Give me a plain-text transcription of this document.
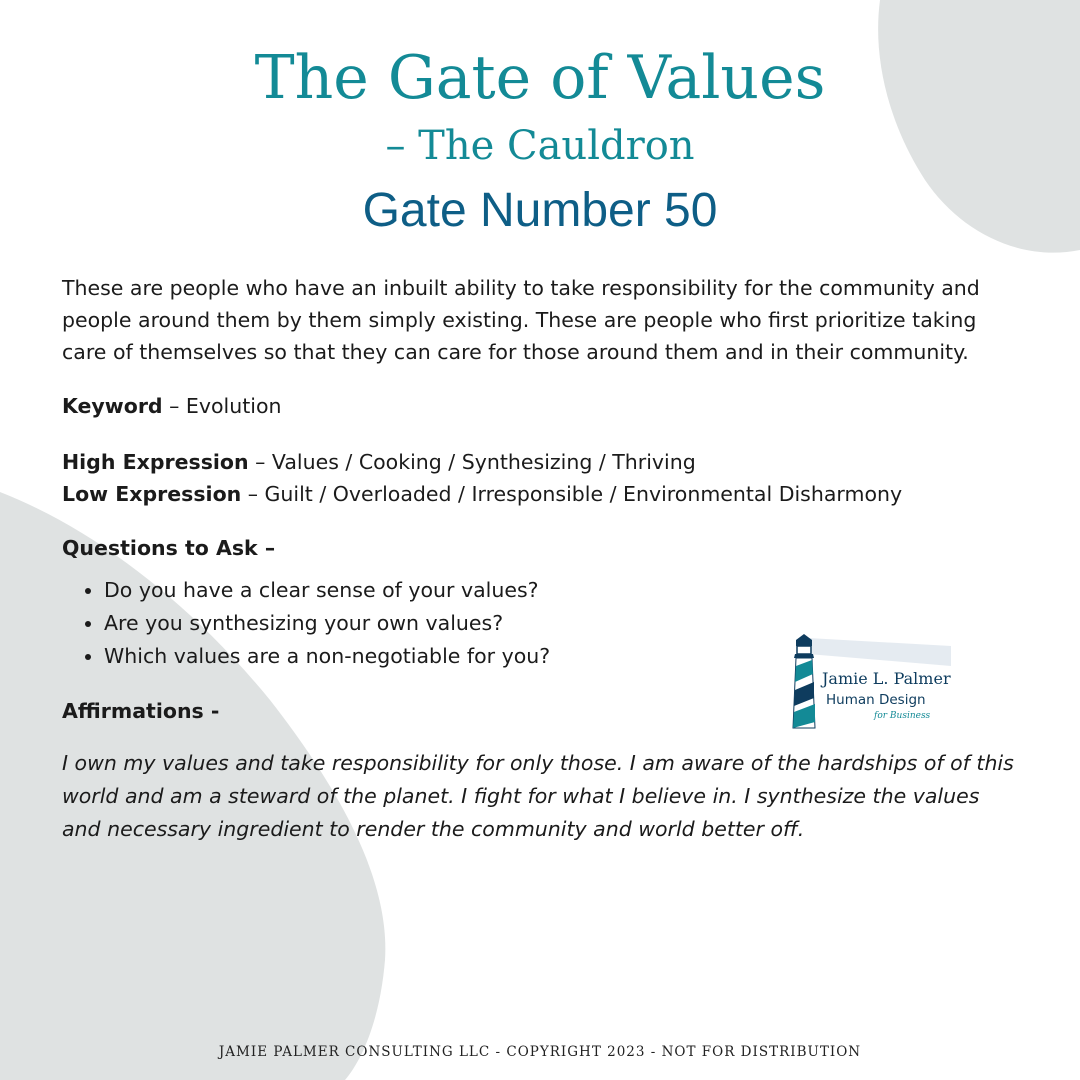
The Gate of Values
– The Cauldron
Gate Number 50

These are people who have an inbuilt ability to take responsibility for the community and people around them by them simply existing. These are people who first prioritize taking care of themselves so that they can care for those around them and in their community.

Keyword – Evolution

High Expression – Values / Cooking / Synthesizing / Thriving

Low Expression – Guilt / Overloaded / Irresponsible / Environmental Disharmony

Questions to Ask –

• Do you have a clear sense of your values?
• Are you synthesizing your own values?
• Which values are a non-negotiable for you?

Affirmations -

I own my values and take responsibility for only those. I am aware of the hardships of of this world and am a steward of the planet. I fight for what I believe in. I synthesize the values and necessary ingredient to render the community and world better off.

Jamie L. Palmer
Human Design
for Business
JAMIE PALMER CONSULTING LLC - COPYRIGHT 2023 - NOT FOR DISTRIBUTION
